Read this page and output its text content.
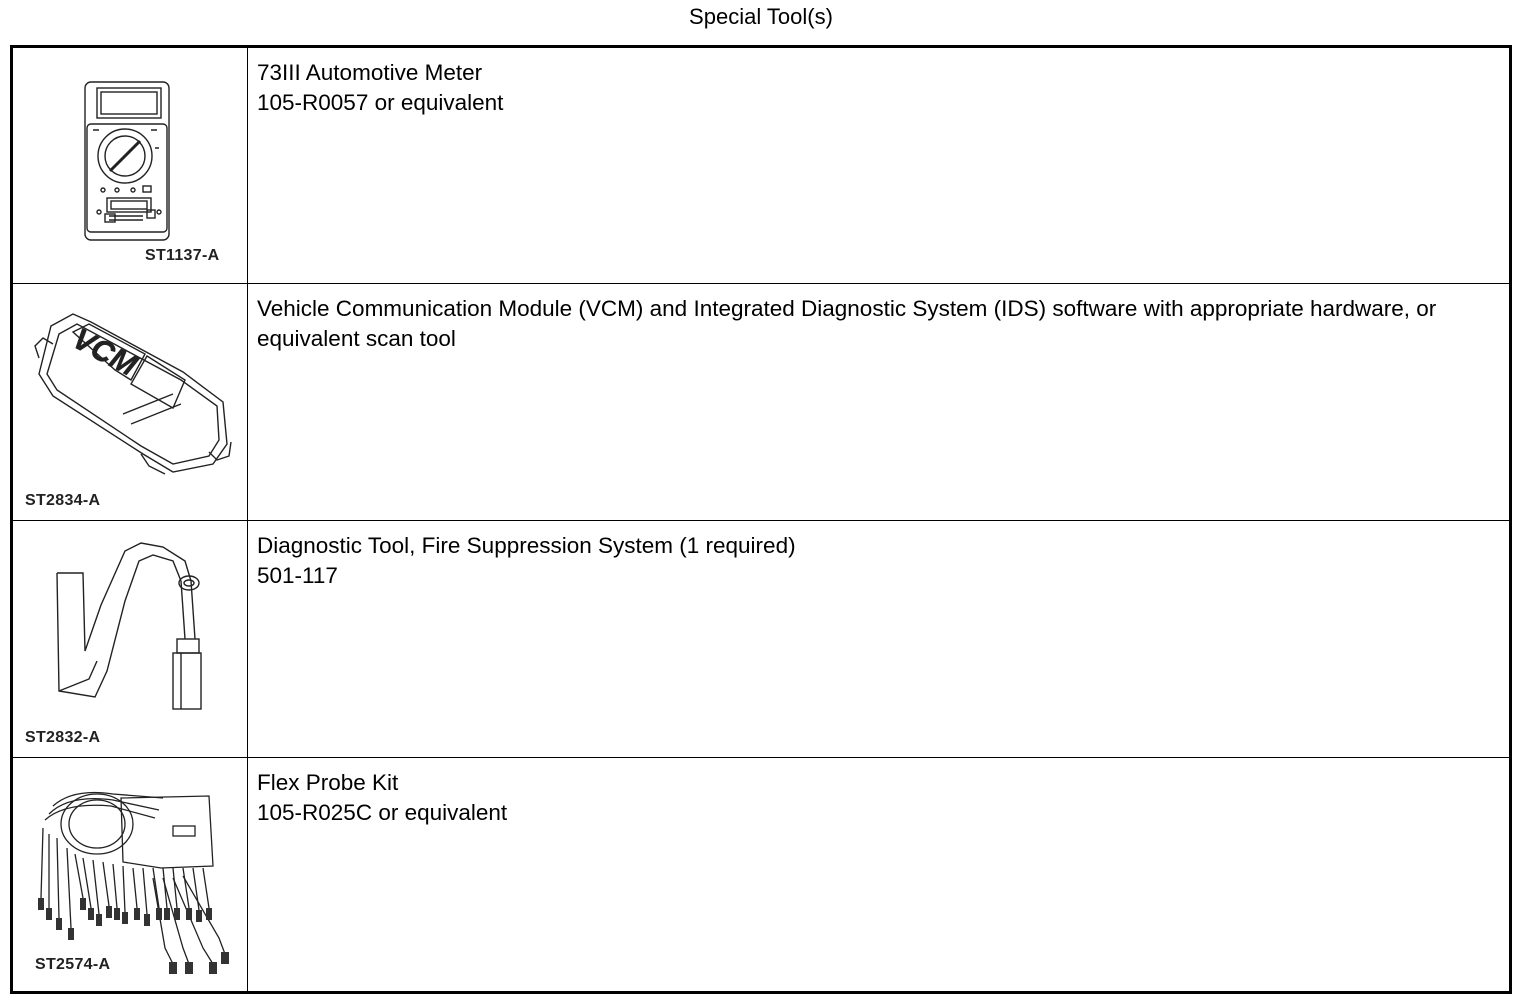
Special Tool(s)
ST1137-A
73III Automotive Meter
105-R0057 or equivalent
VCM
ST2834-A
Vehicle Communication Module (VCM) and Integrated Diagnostic System (IDS) software with appropriate hardware, or equivalent scan tool
ST2832-A
Diagnostic Tool, Fire Suppression System (1 required)
501-117
ST2574-A
Flex Probe Kit
105-R025C or equivalent
